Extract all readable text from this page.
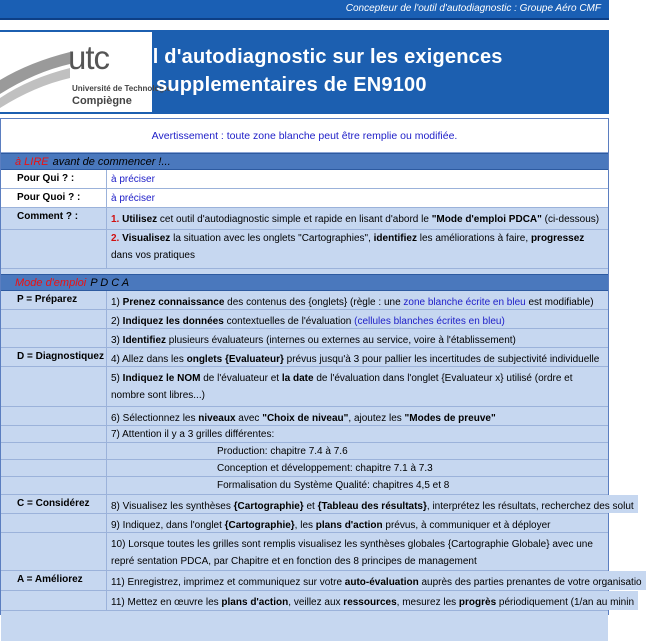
Concepteur de l'outil d'autodiagnostic : Groupe Aéro CMF
utc
Université de Technologie
Compiègne
Outil d'autodiagnostic sur les exigences
supplementaires de EN9100
Avertissement : toute zone blanche peut être remplie ou modifiée.
à LIRE avant de commencer !...
Pour Qui ? :	à préciser
Pour Quoi ? :	à préciser
Comment ? :	1. Utilisez cet outil d'autodiagnostic simple et rapide en lisant d'abord le "Mode d'emploi PDCA" (ci-dessous)
2. Visualisez la situation avec les onglets "Cartographies", identifiez les améliorations à faire, progressez dans vos pratiques
Mode d'emploi P D C A
P = Préparez	1) Prenez connaissance des contenus des {onglets} (règle : une zone blanche écrite en bleu est modifiable)
2) Indiquez les données contextuelles de l'évaluation (cellules blanches écrites en bleu)
3) Identifiez plusieurs évaluateurs (internes ou externes au service, voire à l'établissement)
D = Diagnostiquez 4) Allez dans les onglets {Evaluateur} prévus jusqu'à 3 pour pallier les incertitudes de subjectivité individuelle
5) Indiquez le NOM de l'évaluateur et la date de l'évaluation dans l'onglet {Evaluateur x} utilisé (ordre et nombre sont libres...)
6) Sélectionnez les niveaux avec "Choix de niveau", ajoutez les "Modes de preuve"
7) Attention il y a 3 grilles différentes:
Production: chapitre 7.4 à 7.6
Conception et développement: chapitre 7.1 à 7.3
Formalisation du Système Qualité: chapitres 4,5 et 8
C = Considérez	8) Visualisez les synthèses {Cartographie} et {Tableau des résultats}, interprétez les résultats, recherchez des solut
9) Indiquez, dans l'onglet {Cartographie}, les plans d'action prévus, à communiquer et à déployer
10) Lorsque toutes les grilles sont remplis visualisez les synthèses globales {Cartographie Globale} avec une repré sentation PDCA, par Chapitre et en fonction des 8 principes de management
A = Améliorez	11) Enregistrez, imprimez et communiquez sur votre auto-évaluation auprès des parties prenantes de votre organisatio
11) Mettez en œuvre les plans d'action, veillez aux ressources, mesurez les progrès périodiquement (1/an au minin
